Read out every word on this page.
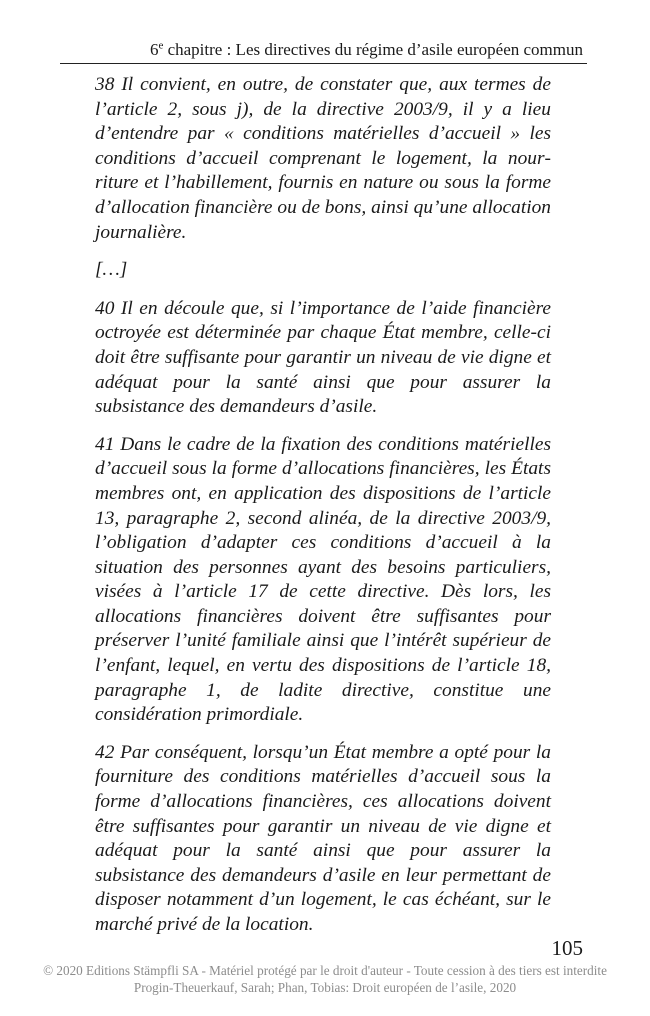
6e chapitre : Les directives du régime d’asile européen commun

38 Il convient, en outre, de constater que, aux termes de l’article 2, sous j), de la directive 2003/9, il y a lieu d’entendre par « conditions matérielles d’accueil » les conditions d’accueil comprenant le logement, la nourriture et l’habillement, fournis en nature ou sous la forme d’allocation financière ou de bons, ainsi qu’une allocation journalière.

[…]

40 Il en découle que, si l’importance de l’aide financière octroyée est déterminée par chaque État membre, celle-ci doit être suffisante pour garantir un niveau de vie digne et adéquat pour la santé ainsi que pour assurer la subsistance des demandeurs d’asile.

41 Dans le cadre de la fixation des conditions matérielles d’accueil sous la forme d’allocations financières, les États membres ont, en application des dispositions de l’article 13, paragraphe 2, second alinéa, de la directive 2003/9, l’obligation d’adapter ces conditions d’accueil à la situation des personnes ayant des besoins particuliers, visées à l’article 17 de cette directive. Dès lors, les allocations financières doivent être suffisantes pour préserver l’unité familiale ainsi que l’intérêt supérieur de l’enfant, lequel, en vertu des dispositions de l’article 18, paragraphe 1, de ladite directive, constitue une considération primordiale.

42 Par conséquent, lorsqu’un État membre a opté pour la fourniture des conditions matérielles d’accueil sous la forme d’allocations financières, ces allocations doivent être suffisantes pour garantir un niveau de vie digne et adéquat pour la santé ainsi que pour assurer la subsistance des demandeurs d’asile en leur permettant de disposer notamment d’un logement, le cas échéant, sur le marché privé de la location.

105
© 2020 Editions Stämpfli SA - Matériel protégé par le droit d'auteur - Toute cession à des tiers est interdite
Progin-Theuerkauf, Sarah; Phan, Tobias: Droit européen de l’asile, 2020
